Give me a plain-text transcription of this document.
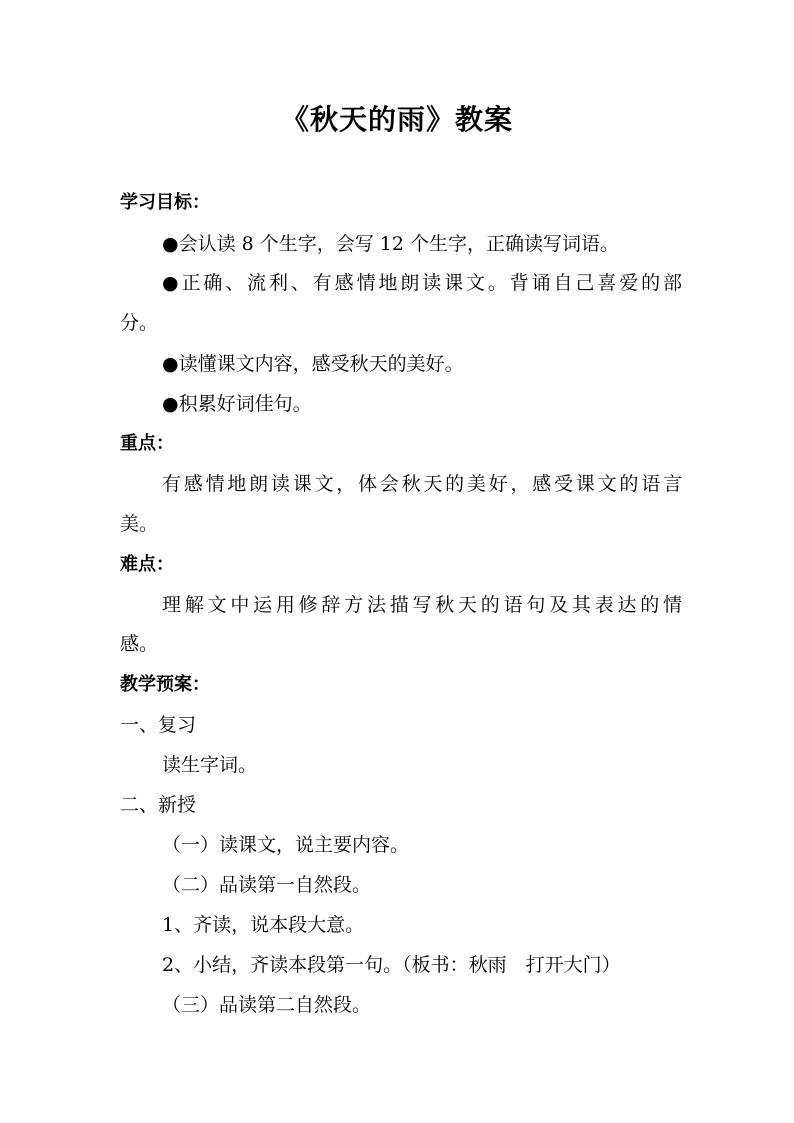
《秋天的雨》教案
学习目标：
●会认读 8 个生字，会写 12 个生字，正确读写词语。
●正确、流利、有感情地朗读课文。背诵自己喜爱的部
分。
●读懂课文内容，感受秋天的美好。
●积累好词佳句。
重点：
有感情地朗读课文，体会秋天的美好，感受课文的语言
美。
难点：
理解文中运用修辞方法描写秋天的语句及其表达的情
感。
教学预案：
一、复习
读生字词。
二、新授
（一）读课文，说主要内容。
（二）品读第一自然段。
1、齐读，说本段大意。
2、小结，齐读本段第一句。（板书：秋雨　打开大门）
（三）品读第二自然段。
